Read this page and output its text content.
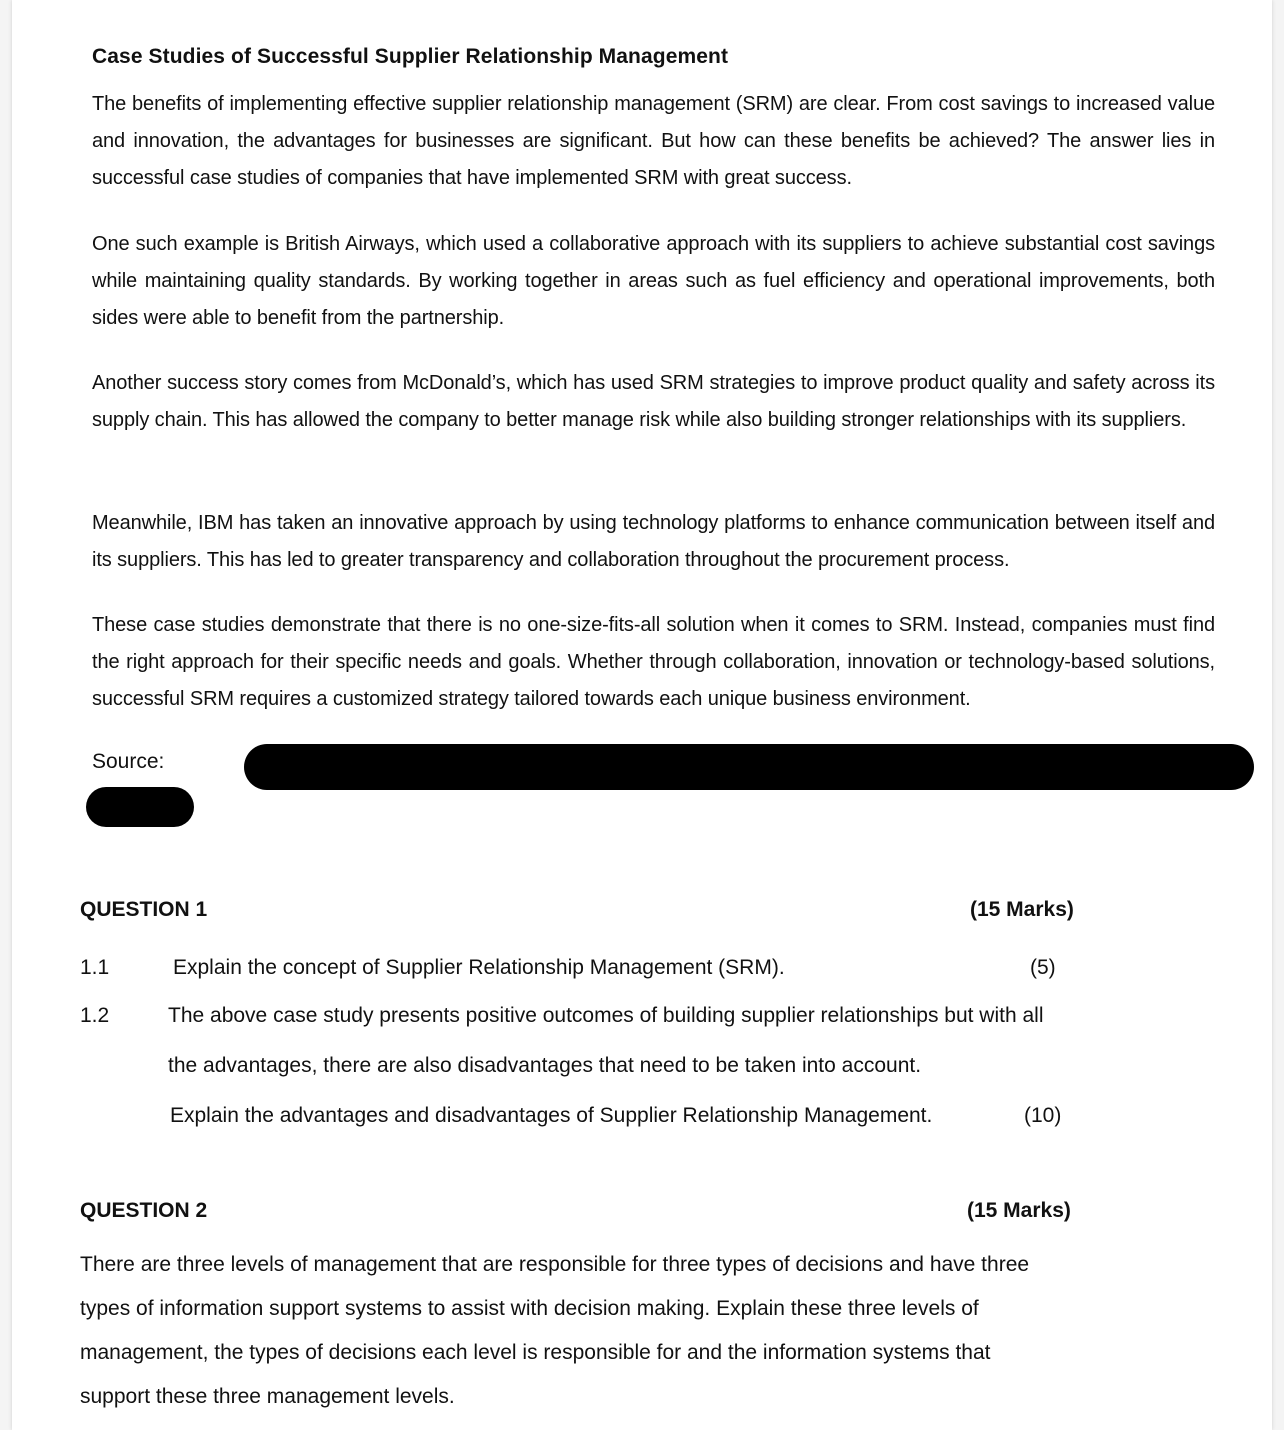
Case Studies of Successful Supplier Relationship Management
The benefits of implementing effective supplier relationship management (SRM) are clear. From cost savings to increased value and innovation, the advantages for businesses are significant. But how can these benefits be achieved? The answer lies in successful case studies of companies that have implemented SRM with great success.
One such example is British Airways, which used a collaborative approach with its suppliers to achieve substantial cost savings while maintaining quality standards. By working together in areas such as fuel efficiency and operational improvements, both sides were able to benefit from the partnership.
Another success story comes from McDonald’s, which has used SRM strategies to improve product quality and safety across its supply chain. This has allowed the company to better manage risk while also building stronger relationships with its suppliers.
Meanwhile, IBM has taken an innovative approach by using technology platforms to enhance communication between itself and its suppliers. This has led to greater transparency and collaboration throughout the procurement process.
These case studies demonstrate that there is no one-size-fits-all solution when it comes to SRM. Instead, companies must find the right approach for their specific needs and goals. Whether through collaboration, innovation or technology-based solutions, successful SRM requires a customized strategy tailored towards each unique business environment.
Source:
QUESTION 1	(15 Marks)
1.1	Explain the concept of Supplier Relationship Management (SRM).	(5)
1.2	The above case study presents positive outcomes of building supplier relationships but with all
the advantages, there are also disadvantages that need to be taken into account.
Explain the advantages and disadvantages of Supplier Relationship Management.	(10)
QUESTION 2	(15 Marks)
There are three levels of management that are responsible for three types of decisions and have three types of information support systems to assist with decision making. Explain these three levels of management, the types of decisions each level is responsible for and the information systems that support these three management levels.
